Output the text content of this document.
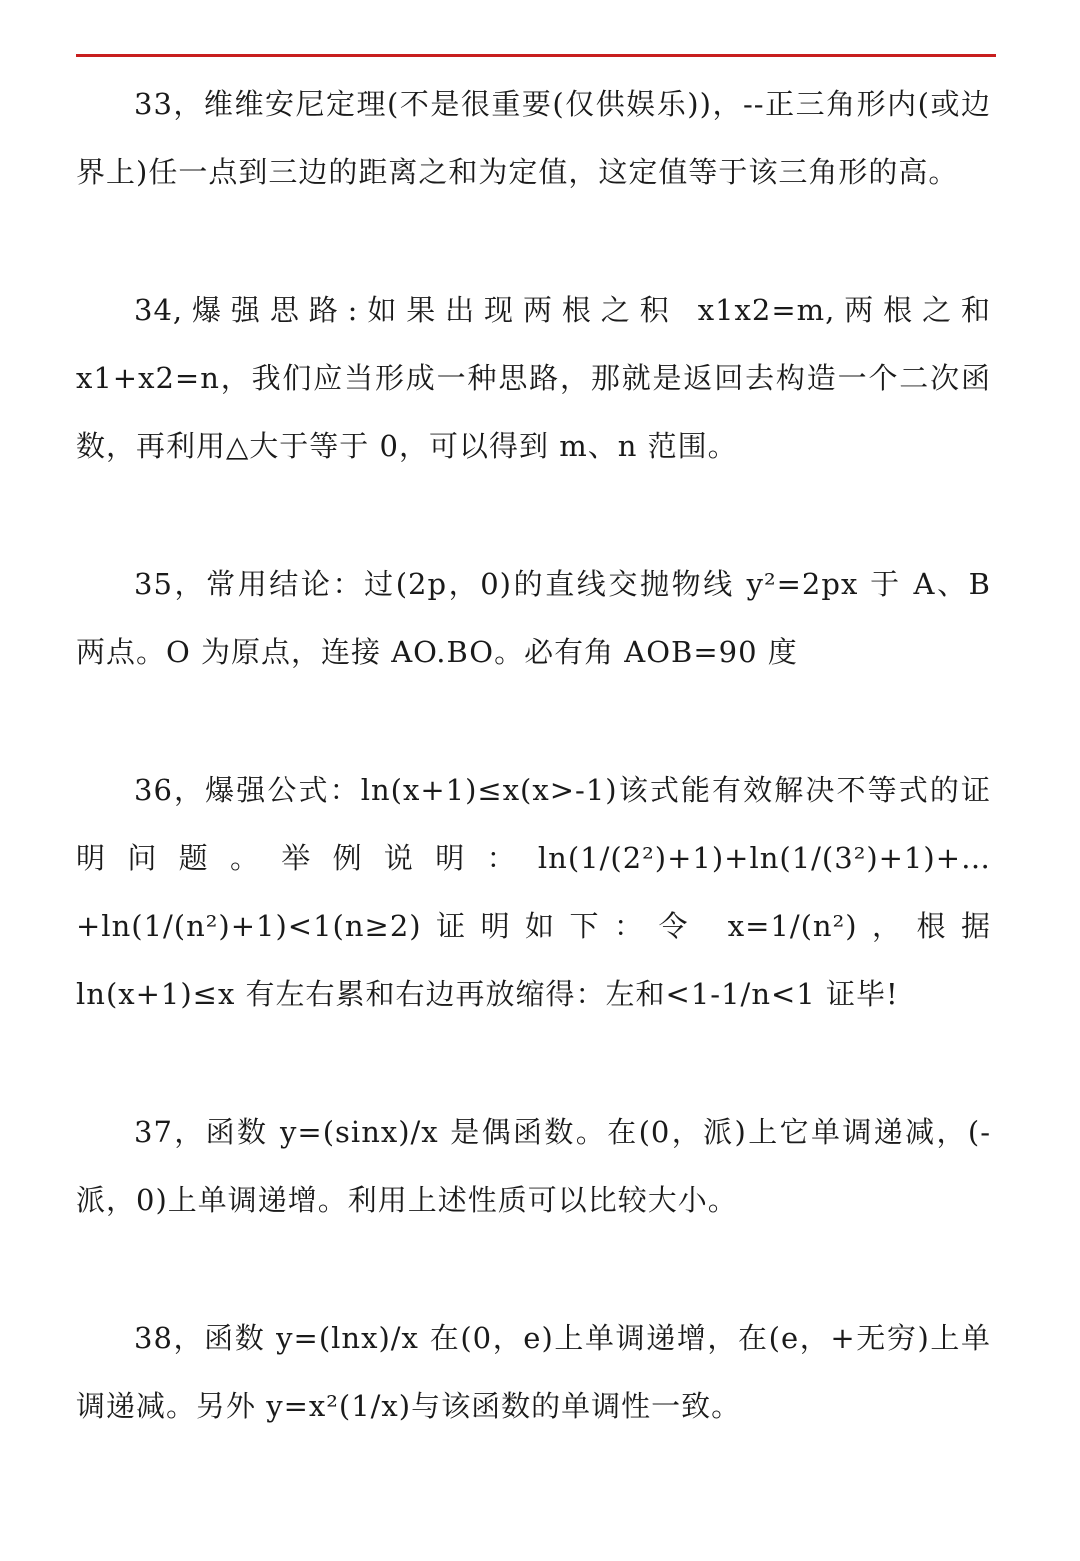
33，维维安尼定理(不是很重要(仅供娱乐))，--正三角形内(或边界上)任一点到三边的距离之和为定值，这定值等于该三角形的高。

34,爆强思路:如果出现两根之积 x1x2=m,两根之和 x1+x2=n，我们应当形成一种思路，那就是返回去构造一个二次函数，再利用△大于等于 0，可以得到 m、n 范围。

35，常用结论：过(2p，0)的直线交抛物线 y²=2px 于 A、B 两点。O 为原点，连接 AO.BO。必有角 AOB=90 度

36，爆强公式：ln(x+1)≤x(x>-1)该式能有效解决不等式的证明问题。举例说明：ln(1/(2²)+1)+ln(1/(3²)+1)+…+ln(1/(n²)+1)<1(n≥2)证明如下：令 x=1/(n²)，根据 ln(x+1)≤x 有左右累和右边再放缩得：左和<1-1/n<1 证毕!

37，函数 y=(sinx)/x 是偶函数。在(0，派)上它单调递减，(-派，0)上单调递增。利用上述性质可以比较大小。

38，函数 y=(lnx)/x 在(0，e)上单调递增，在(e，+无穷)上单调递减。另外 y=x²(1/x)与该函数的单调性一致。
